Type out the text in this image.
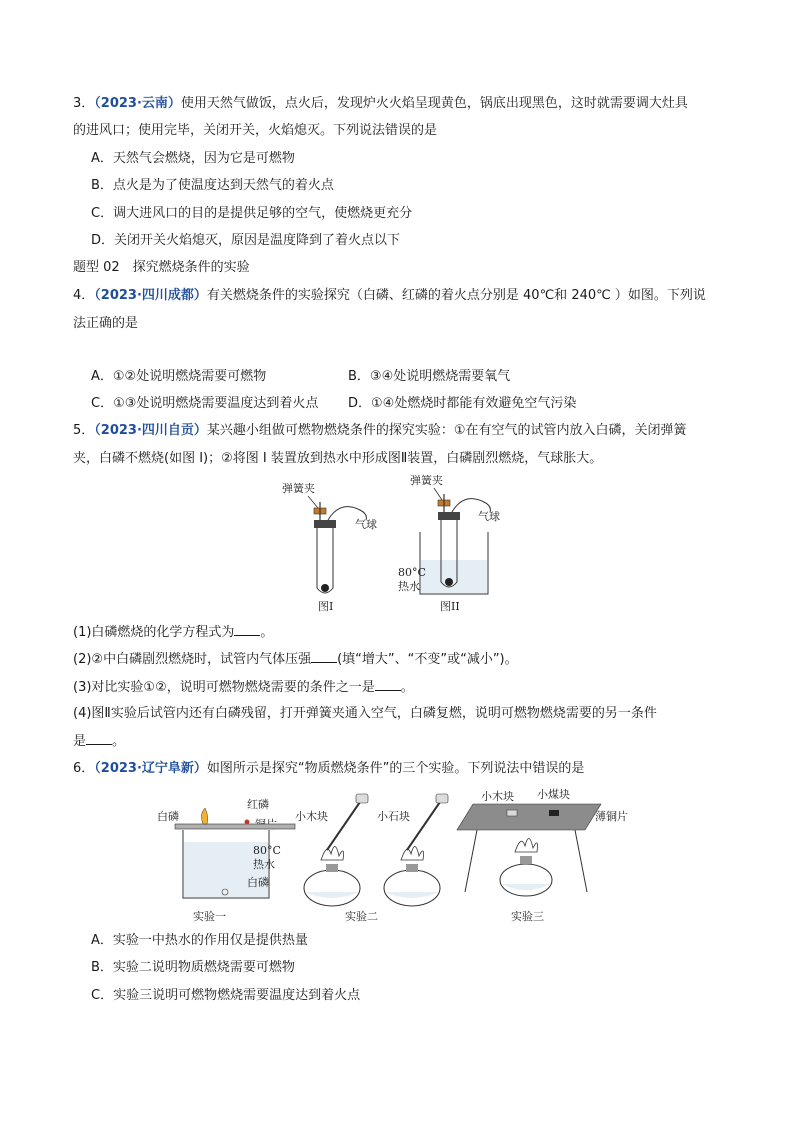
3．（2023·云南）使用天然气做饭，点火后，发现炉火火焰呈现黄色，锅底出现黑色，这时就需要调大灶具
的进风口；使用完毕，关闭开关，火焰熄灭。下列说法错误的是
A．天然气会燃烧，因为它是可燃物
B．点火是为了使温度达到天然气的着火点
C．调大进风口的目的是提供足够的空气，使燃烧更充分
D．关闭开关火焰熄灭，原因是温度降到了着火点以下
题型 02　探究燃烧条件的实验
4．（2023·四川成都）有关燃烧条件的实验探究（白磷、红磷的着火点分别是 40℃和 240℃ ）如图。下列说
法正确的是
A．①②处说明燃烧需要可燃物	B．③④处说明燃烧需要氧气
C．①③处说明燃烧需要温度达到着火点 D．①④处燃烧时都能有效避免空气污染
5．（2023·四川自贡）某兴趣小组做可燃物燃烧条件的探究实验：①在有空气的试管内放入白磷，关闭弹簧
夹，白磷不燃烧(如图 I)；②将图 I 装置放到热水中形成图Ⅱ装置，白磷剧烈燃烧，气球胀大。
弹簧夹
气球
图I
弹簧夹
气球
80°C
热水
图II
(1)白磷燃烧的化学方程式为 。
(2)②中白磷剧烈燃烧时，试管内气体压强 (填“增大”、“不变”或“减小”)。
(3)对比实验①②，说明可燃物燃烧需要的条件之一是 。
(4)图Ⅱ实验后试管内还有白磷残留，打开弹簧夹通入空气，白磷复燃，说明可燃物燃烧需要的另一条件
是 。
6．（2023·辽宁阜新）如图所示是探究“物质燃烧条件”的三个实验。下列说法中错误的是
白磷
红磷
80°C
热水
白磷
实验一
小木块	小石块
实验二
小木块 小煤块
薄铜片
实验三
A．实验一中热水的作用仅是提供热量
B．实验二说明物质燃烧需要可燃物
C．实验三说明可燃物燃烧需要温度达到着火点
